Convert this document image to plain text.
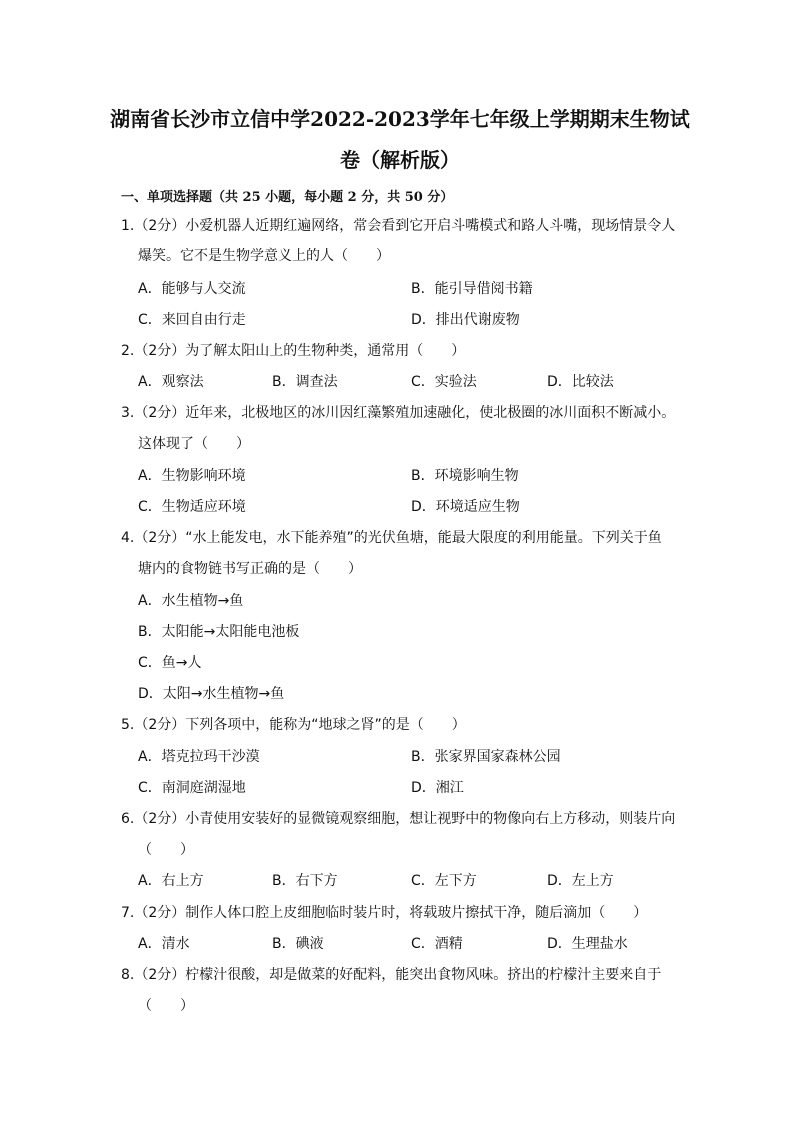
湖南省长沙市立信中学2022-2023学年七年级上学期期末生物试
卷（解析版）
一、单项选择题（共 25 小题，每小题 2 分，共 50 分）
1.（2分）小爱机器人近期红遍网络，常会看到它开启斗嘴模式和路人斗嘴，现场情景令人
爆笑。它不是生物学意义上的人（　　）
A．能够与人交流	B．能引导借阅书籍
C．来回自由行走	D．排出代谢废物
2.（2分）为了解太阳山上的生物种类，通常用（　　）
A．观察法	B．调查法	C．实验法	D．比较法
3.（2分）近年来，北极地区的冰川因红藻繁殖加速融化，使北极圈的冰川面积不断减小。
这体现了（　　）
A．生物影响环境	B．环境影响生物
C．生物适应环境	D．环境适应生物
4.（2分）“水上能发电，水下能养殖”的光伏鱼塘，能最大限度的利用能量。下列关于鱼
塘内的食物链书写正确的是（　　）
A．水生植物→鱼
B．太阳能→太阳能电池板
C．鱼→人
D．太阳→水生植物→鱼
5.（2分）下列各项中，能称为“地球之肾”的是（　　）
A．塔克拉玛干沙漠	B．张家界国家森林公园
C．南洞庭湖湿地	D．湘江
6.（2分）小青使用安装好的显微镜观察细胞，想让视野中的物像向右上方移动，则装片向
（　　）
A．右上方	B．右下方	C．左下方	D．左上方
7.（2分）制作人体口腔上皮细胞临时装片时，将载玻片擦拭干净，随后滴加（　　）
A．清水	B．碘液	C．酒精	D．生理盐水
8.（2分）柠檬汁很酸，却是做菜的好配料，能突出食物风味。挤出的柠檬汁主要来自于
（　　）
